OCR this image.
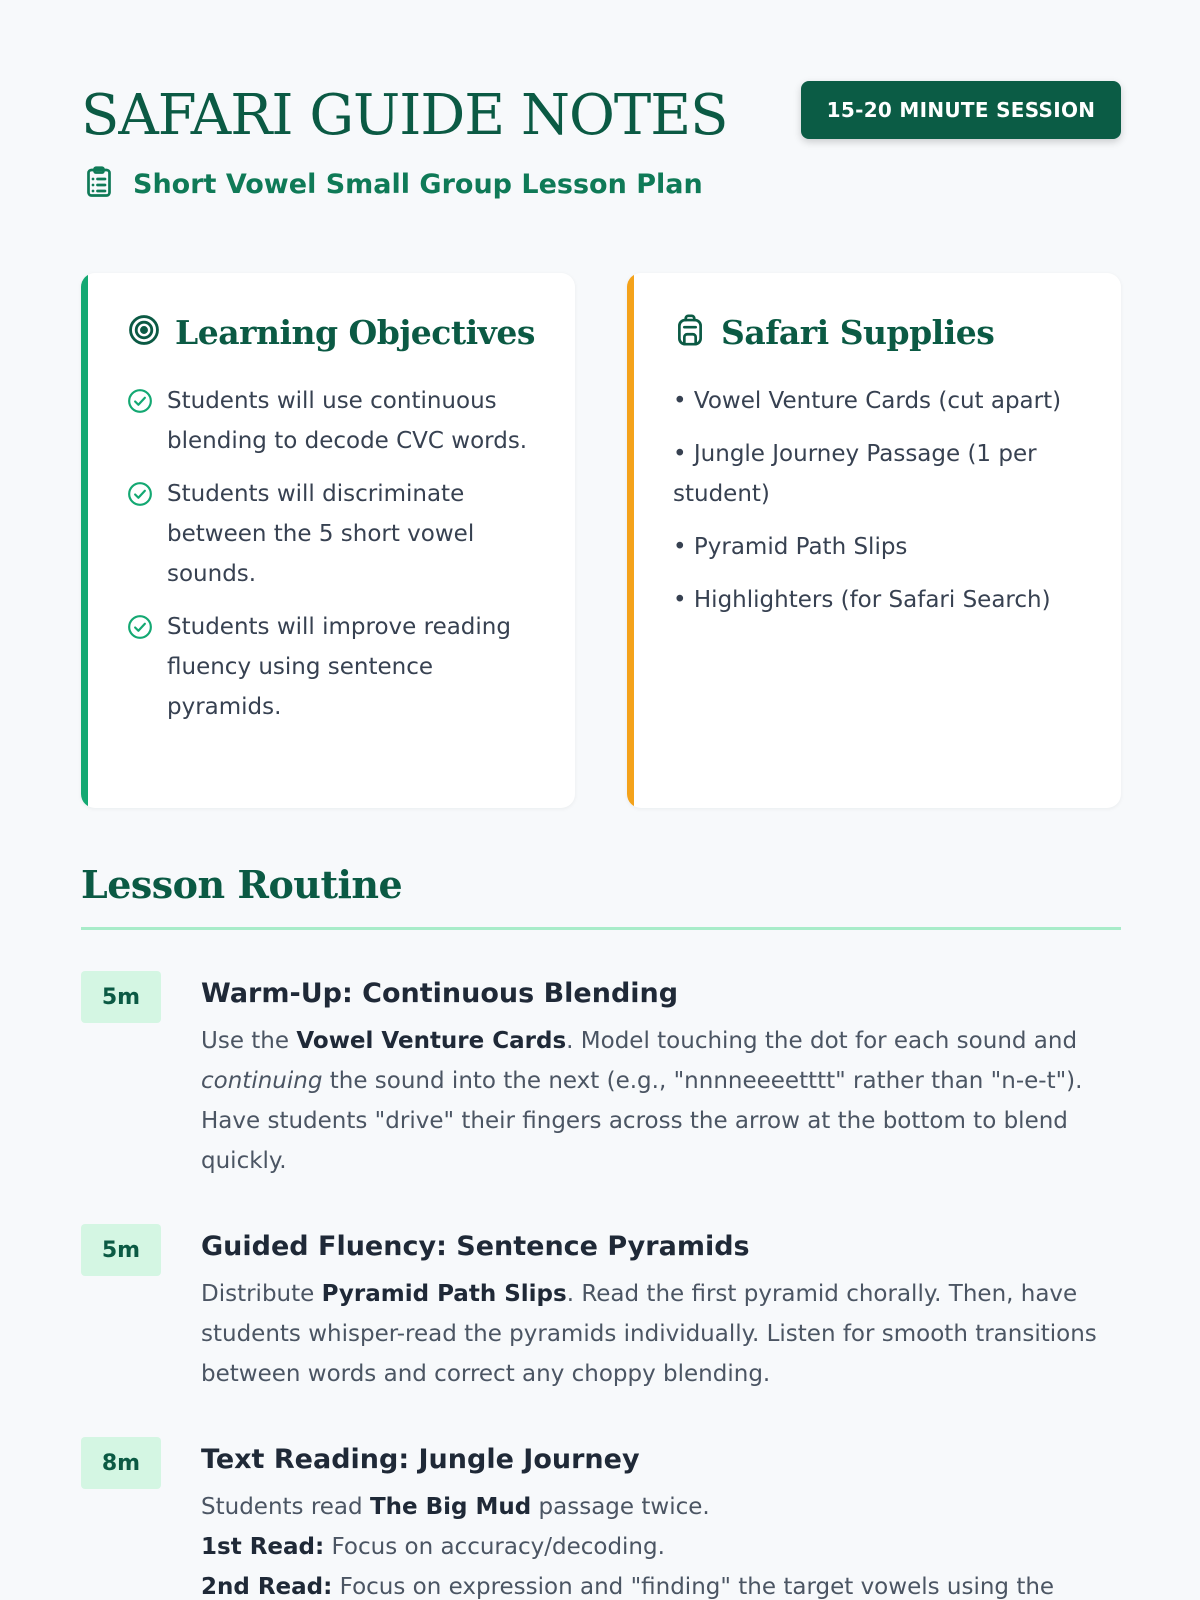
SAFARI GUIDE NOTES	15-20 MINUTE SESSION
Short Vowel Small Group Lesson Plan
Learning Objectives
Students will use continuous blending to decode CVC words.
Students will discriminate between the 5 short vowel sounds.
Students will improve reading fluency using sentence pyramids.
Safari Supplies
• Vowel Venture Cards (cut apart)
• Jungle Journey Passage (1 per student)
• Pyramid Path Slips
• Highlighters (for Safari Search)
Lesson Routine
5m	Warm-Up: Continuous Blending

Use the Vowel Venture Cards. Model touching the dot for each sound and continuing the sound into the next (e.g., "nnnneeeetttt" rather than "n-e-t"). Have students "drive" their fingers across the arrow at the bottom to blend quickly.

5m	Guided Fluency: Sentence Pyramids

Distribute Pyramid Path Slips. Read the first pyramid chorally. Then, have students whisper-read the pyramids individually. Listen for smooth transitions between words and correct any choppy blending.

8m	Text Reading: Jungle Journey

Students read The Big Mud passage twice.
1st Read: Focus on accuracy/decoding.
2nd Read: Focus on expression and "finding" the target vowels using the
